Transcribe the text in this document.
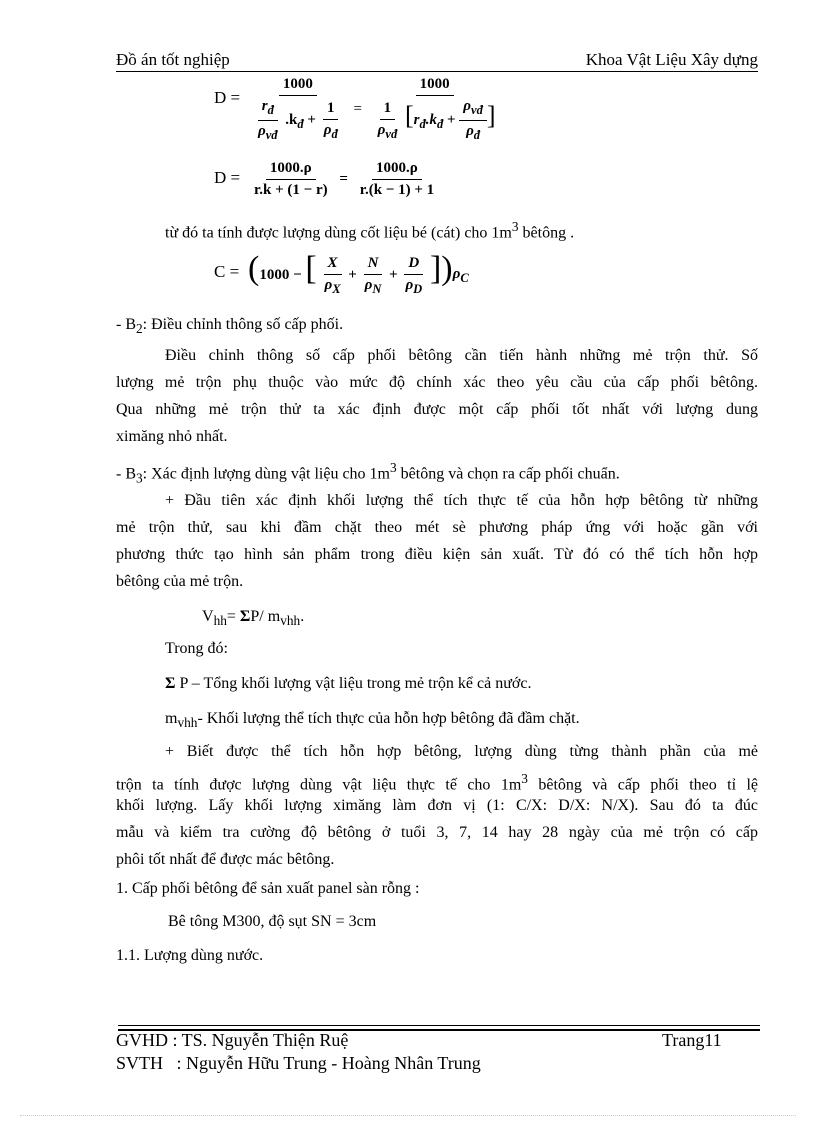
Đồ án tốt nghiệp	Khoa Vật Liệu Xây dựng
$D = \frac{1000}{\frac{r_đ}{\rho_{vđ}} .k_đ + \frac{1}{\rho_đ}} = \frac{1000}{\frac{1}{\rho_{vđ}} [r_đ.k_đ + \frac{\rho_{vđ}}{\rho_đ} ]}$
$D = \frac{1000.\rho}{r.k + (1 - r)} = \frac{1000.\rho}{r.(k - 1) + 1}$
từ đó ta tính được lượng dùng cốt liệu bé (cát) cho $1m^3$ bêtông .
C = (1000 − [ $\frac{X}{\rho_X} + \frac{N}{\rho_N} + \frac{D}{\rho_D} ])\rho_C$
- $B_2$: Điều chỉnh thông số cấp phối.
Điều chỉnh thông số cấp phối bêtông cần tiến hành những mẻ trộn thử. Số
lượng mẻ trộn phụ thuộc vào mức độ chính xác theo yêu cầu của cấp phối bêtông.
Qua những mẻ trộn thử ta xác định được một cấp phối tốt nhất với lượng dung
ximăng nhỏ nhất.
- $B_3$: Xác định lượng dùng vật liệu cho $1m^3$ bêtông và chọn ra cấp phối chuẩn.
+ Đầu tiên xác định khối lượng thể tích thực tế của hỗn hợp bêtông từ những
mẻ trộn thử, sau khi đầm chặt theo mét sè phương pháp ứng với hoặc gần với
phương thức tạo hình sản phẩm trong điều kiện sản xuất. Từ đó có thể tích hỗn hợp
bêtông của mẻ trộn.
$V_{hh}= \Sigma P/$ $m_{vhh}$.
Trong đó:
Σ P – Tổng khối lượng vật liệu trong mẻ trộn kể cả nước.
$m_{vhh}-$ Khối lượng thể tích thực của hỗn hợp bêtông đã đầm chặt.
+ Biết được thể tích hỗn hợp bêtông, lượng dùng từng thành phần của mẻ
trộn ta tính được lượng dùng vật liệu thực tế cho $1m^3$ bêtông và cấp phối theo tỉ lệ
khối lượng. Lấy khối lượng ximăng làm đơn vị (1: C/X: D/X: N/X). Sau đó ta đúc
mẫu và kiểm tra cường độ bêtông ở tuổi 3, 7, 14 hay 28 ngày của mẻ trộn có cấp
phôi tốt nhất để được mác bêtông.
1. Cấp phối bêtông để sản xuất panel sàn rỗng :
Bê tông M300, độ sụt SN = 3cm
1.1. Lượng dùng nước.
GVHD : TS. Nguyễn Thiện Ruệ	Trang11
SVTH   : Nguyễn Hữu Trung - Hoàng Nhân Trung
